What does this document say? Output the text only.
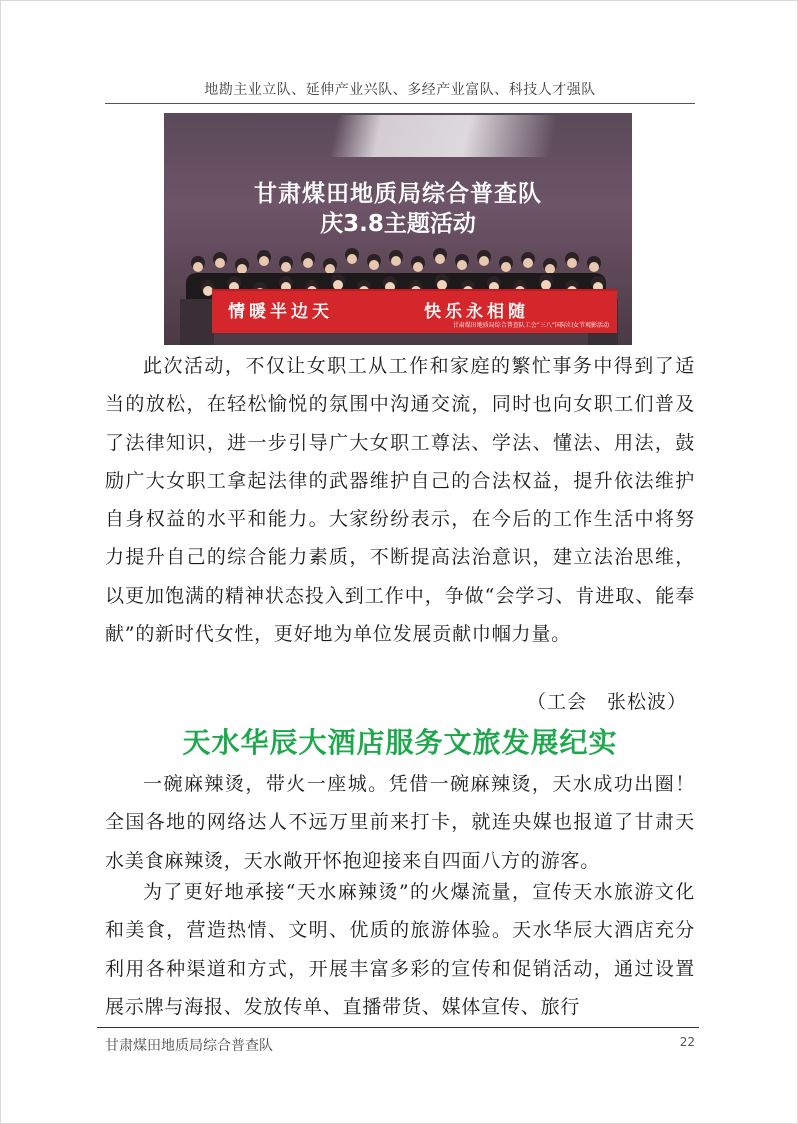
地勘主业立队、延伸产业兴队、多经产业富队、科技人才强队
甘肃煤田地质局综合普查队
庆3.8主题活动
情暖半边天	快乐永相随
甘肃煤田地质局综合普查队工会“三八”国际妇女节观影活动

此次活动，不仅让女职工从工作和家庭的繁忙事务中得到了适当的放松，在轻松愉悦的氛围中沟通交流，同时也向女职工们普及了法律知识，进一步引导广大女职工尊法、学法、懂法、用法，鼓励广大女职工拿起法律的武器维护自己的合法权益，提升依法维护自身权益的水平和能力。大家纷纷表示，在今后的工作生活中将努力提升自己的综合能力素质，不断提高法治意识，建立法治思维，以更加饱满的精神状态投入到工作中，争做“会学习、肯进取、能奉献”的新时代女性，更好地为单位发展贡献巾帼力量。

（工会　张松波）
天水华辰大酒店服务文旅发展纪实

一碗麻辣烫，带火一座城。凭借一碗麻辣烫，天水成功出圈！全国各地的网络达人不远万里前来打卡，就连央媒也报道了甘肃天水美食麻辣烫，天水敞开怀抱迎接来自四面八方的游客。

为了更好地承接“天水麻辣烫”的火爆流量，宣传天水旅游文化和美食，营造热情、文明、优质的旅游体验。天水华辰大酒店充分利用各种渠道和方式，开展丰富多彩的宣传和促销活动，通过设置展示牌与海报、发放传单、直播带货、媒体宣传、旅行

甘肃煤田地质局综合普查队	22
